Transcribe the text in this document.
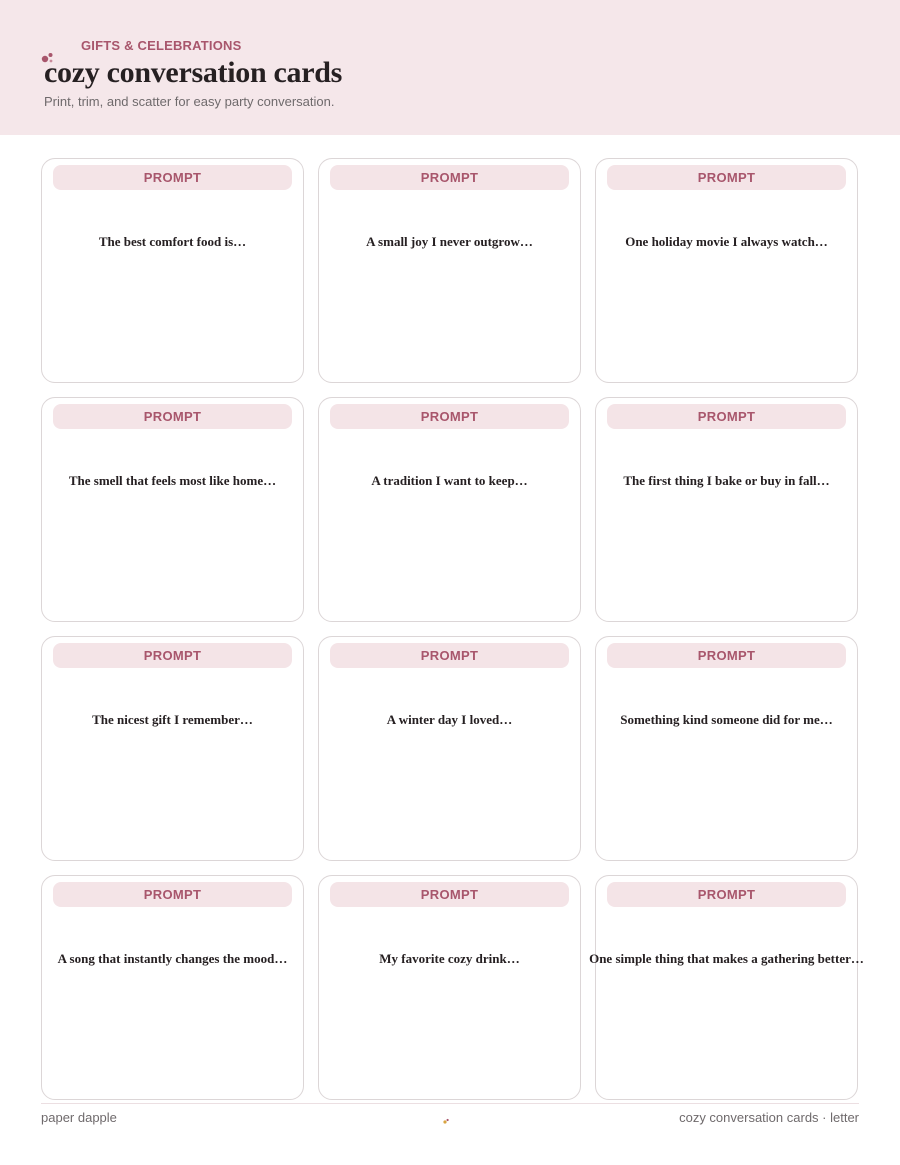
GIFTS & CELEBRATIONS
cozy conversation cards
Print, trim, and scatter for easy party conversation.
PROMPT
The best comfort food is…
PROMPT
A small joy I never outgrow…
PROMPT
One holiday movie I always watch…
PROMPT
The smell that feels most like home…
PROMPT
A tradition I want to keep…
PROMPT
The first thing I bake or buy in fall…
PROMPT
The nicest gift I remember…
PROMPT
A winter day I loved…
PROMPT
Something kind someone did for me…
PROMPT
A song that instantly changes the mood…
PROMPT
My favorite cozy drink…
PROMPT
One simple thing that makes a gathering better…
paper dapple	cozy conversation cards · letter
